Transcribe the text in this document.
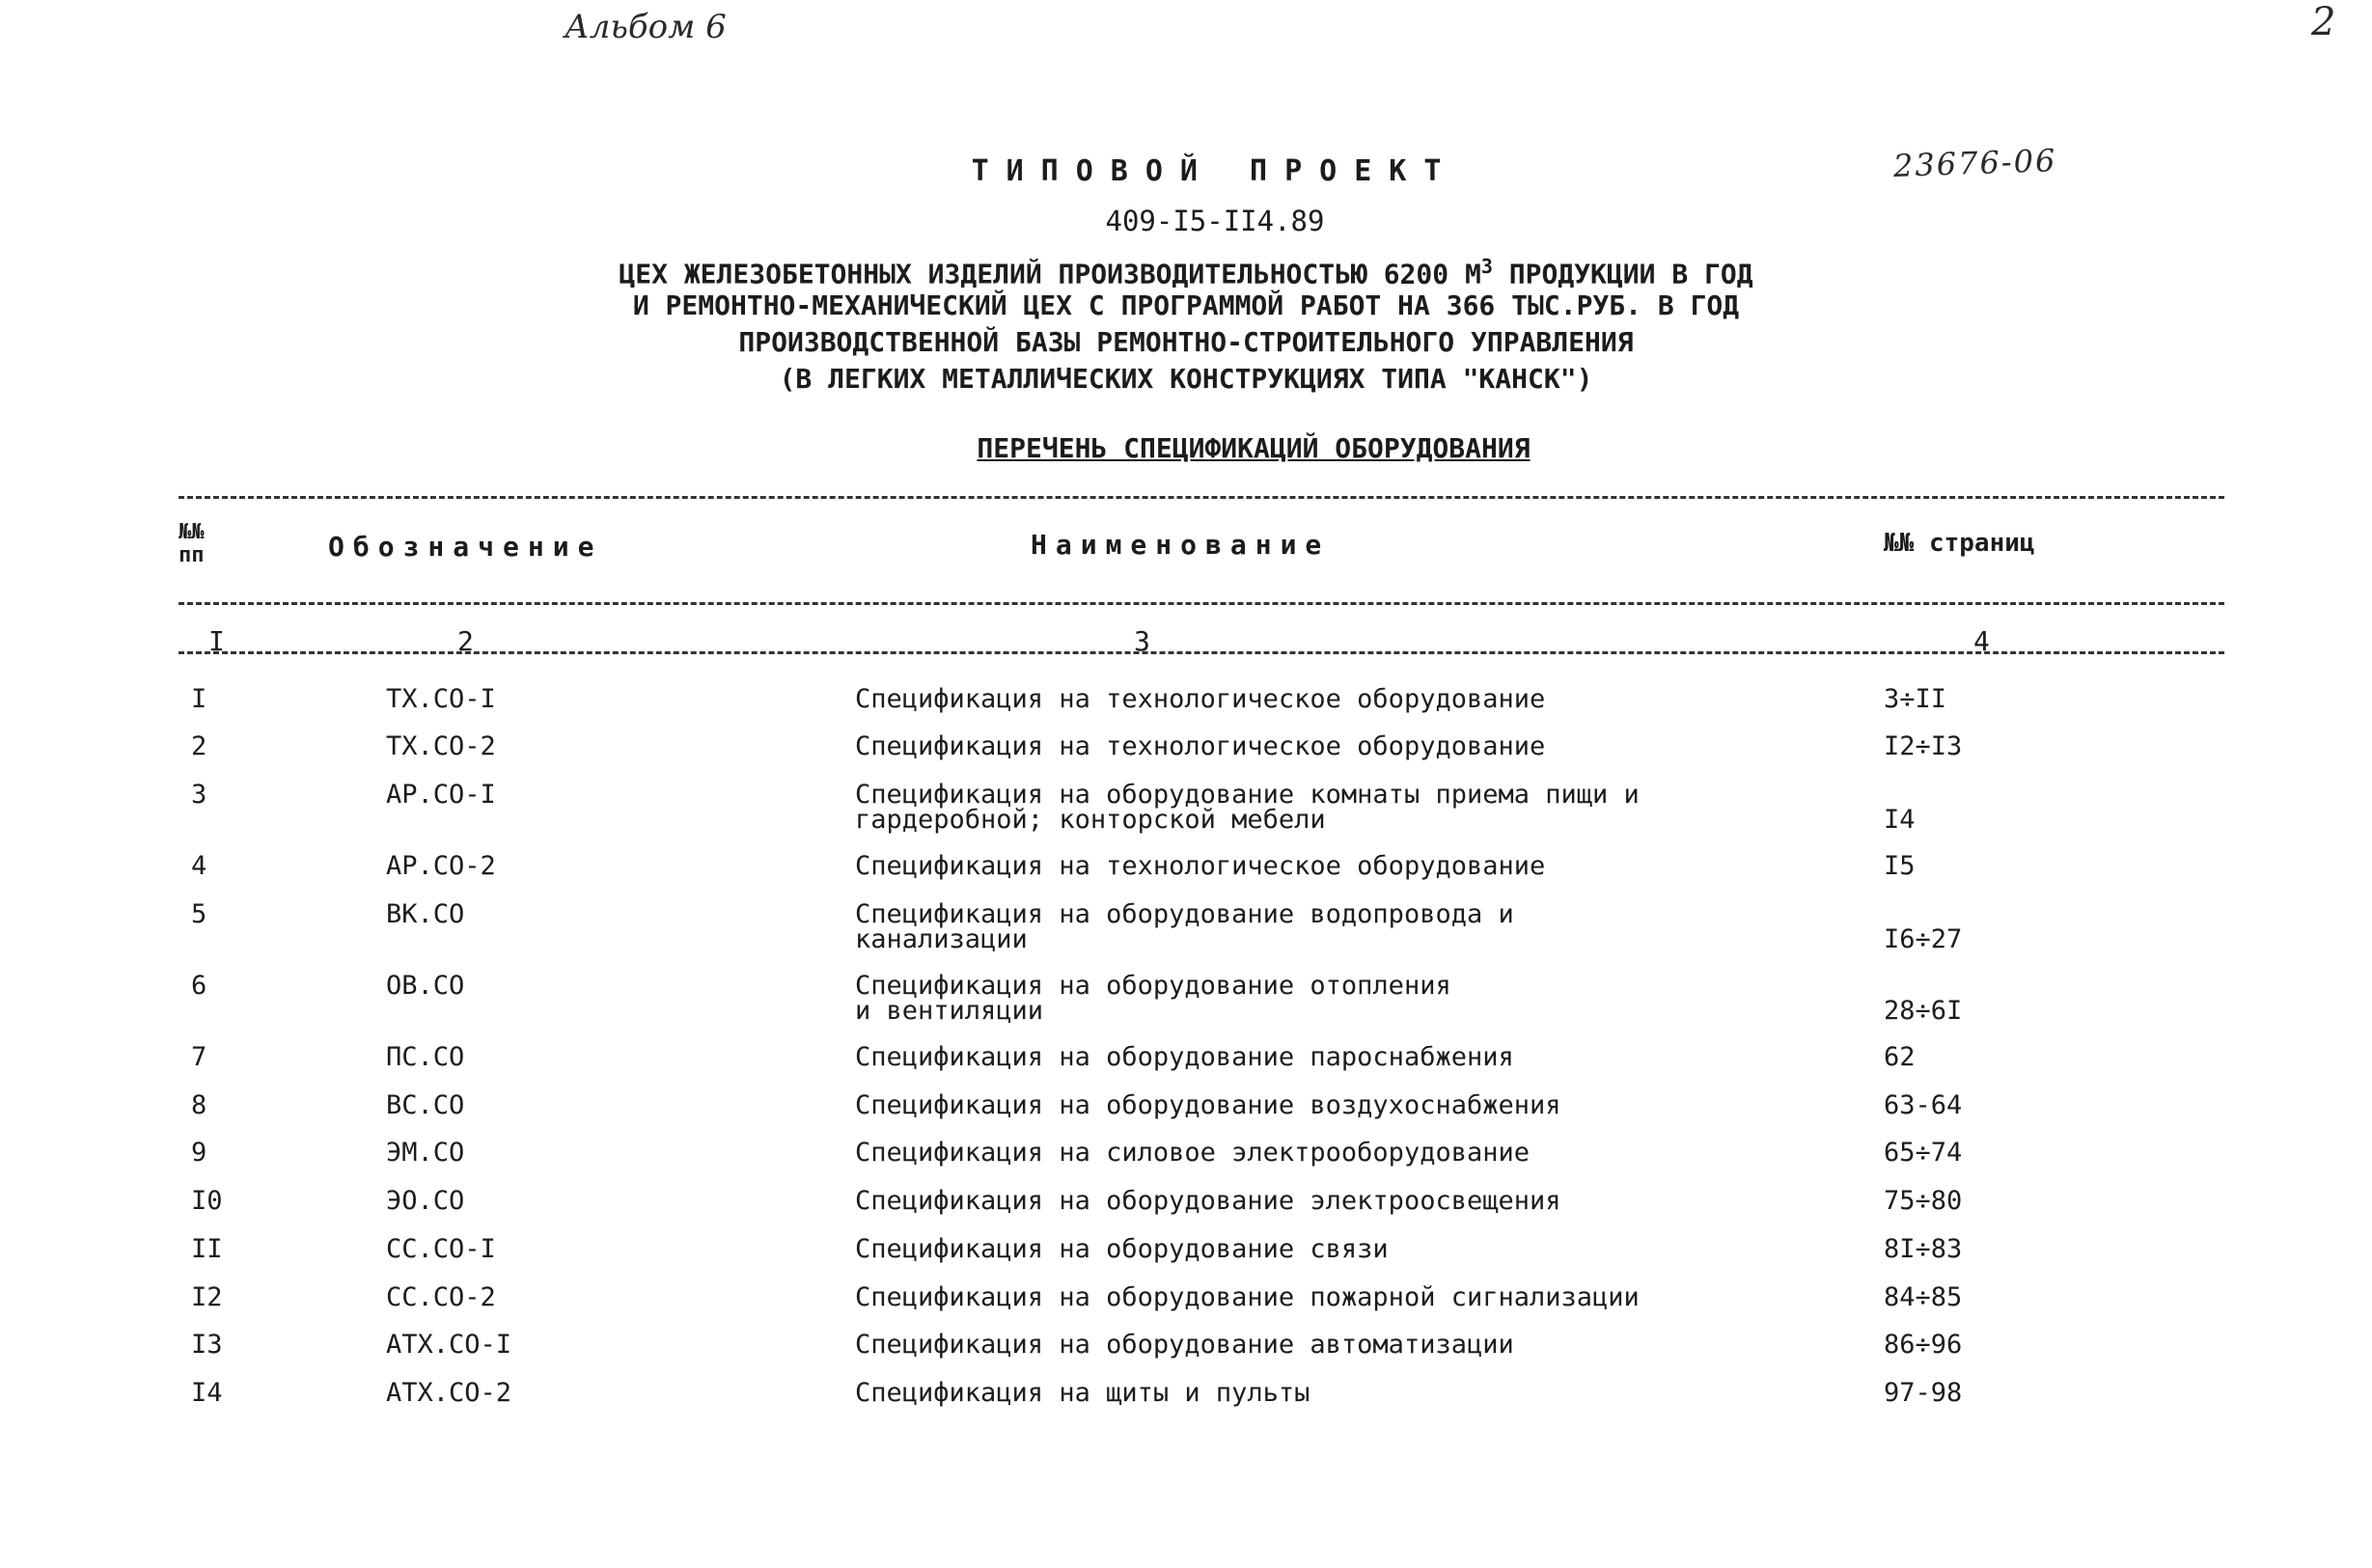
Альбом 6	2
23676-06
ТИПОВОЙ ПРОЕКТ
409-I5-II4.89
ЦЕХ ЖЕЛЕЗОБЕТОННЫХ ИЗДЕЛИЙ ПРОИЗВОДИТЕЛЬНОСТЬЮ 6200 $М^3$ ПРОДУКЦИИ В ГОД
И РЕМОНТНО-МЕХАНИЧЕСКИЙ ЦЕХ С ПРОГРАММОЙ РАБОТ НА 366 ТЫС.РУБ. В ГОД
ПРОИЗВОДСТВЕННОЙ БАЗЫ РЕМОНТНО-СТРОИТЕЛЬНОГО УПРАВЛЕНИЯ
(В ЛЕГКИХ МЕТАЛЛИЧЕСКИХ КОНСТРУКЦИЯХ ТИПА "КАНСК")
ПЕРЕЧЕНЬ СПЕЦИФИКАЦИЙ ОБОРУДОВАНИЯ
№№
пп	Обозначение	Наименование	№№ страниц
I	2	3	4
I	ТХ.СО-I	Спецификация на технологическое оборудование	3÷II
2	ТХ.СО-2	Спецификация на технологическое оборудование	I2÷I3
3	АР.СО-I	Спецификация на оборудование комнаты приема пищи и гардеробной; конторской мебели	I4
4	АР.СО-2	Спецификация на технологическое оборудование	I5
5	ВК.СО	Спецификация на оборудование водопровода и канализации	I6÷27
6	ОВ.СО	Спецификация на оборудование отопления и вентиляции	28÷6I
7	ПС.СО	Спецификация на оборудование пароснабжения	62
8	ВС.СО	Спецификация на оборудование воздухоснабжения	63-64
9	ЭМ.СО	Спецификация на силовое электрооборудование	65÷74
I0	ЭО.СО	Спецификация на оборудование электроосвещения	75÷80
II	СС.СО-I	Спецификация на оборудование связи	8I÷83
I2	СС.СО-2	Спецификация на оборудование пожарной сигнализации	84÷85
I3	АТХ.СО-I	Спецификация на оборудование автоматизации	86÷96
I4	АТХ.СО-2	Спецификация на щиты и пульты	97-98
